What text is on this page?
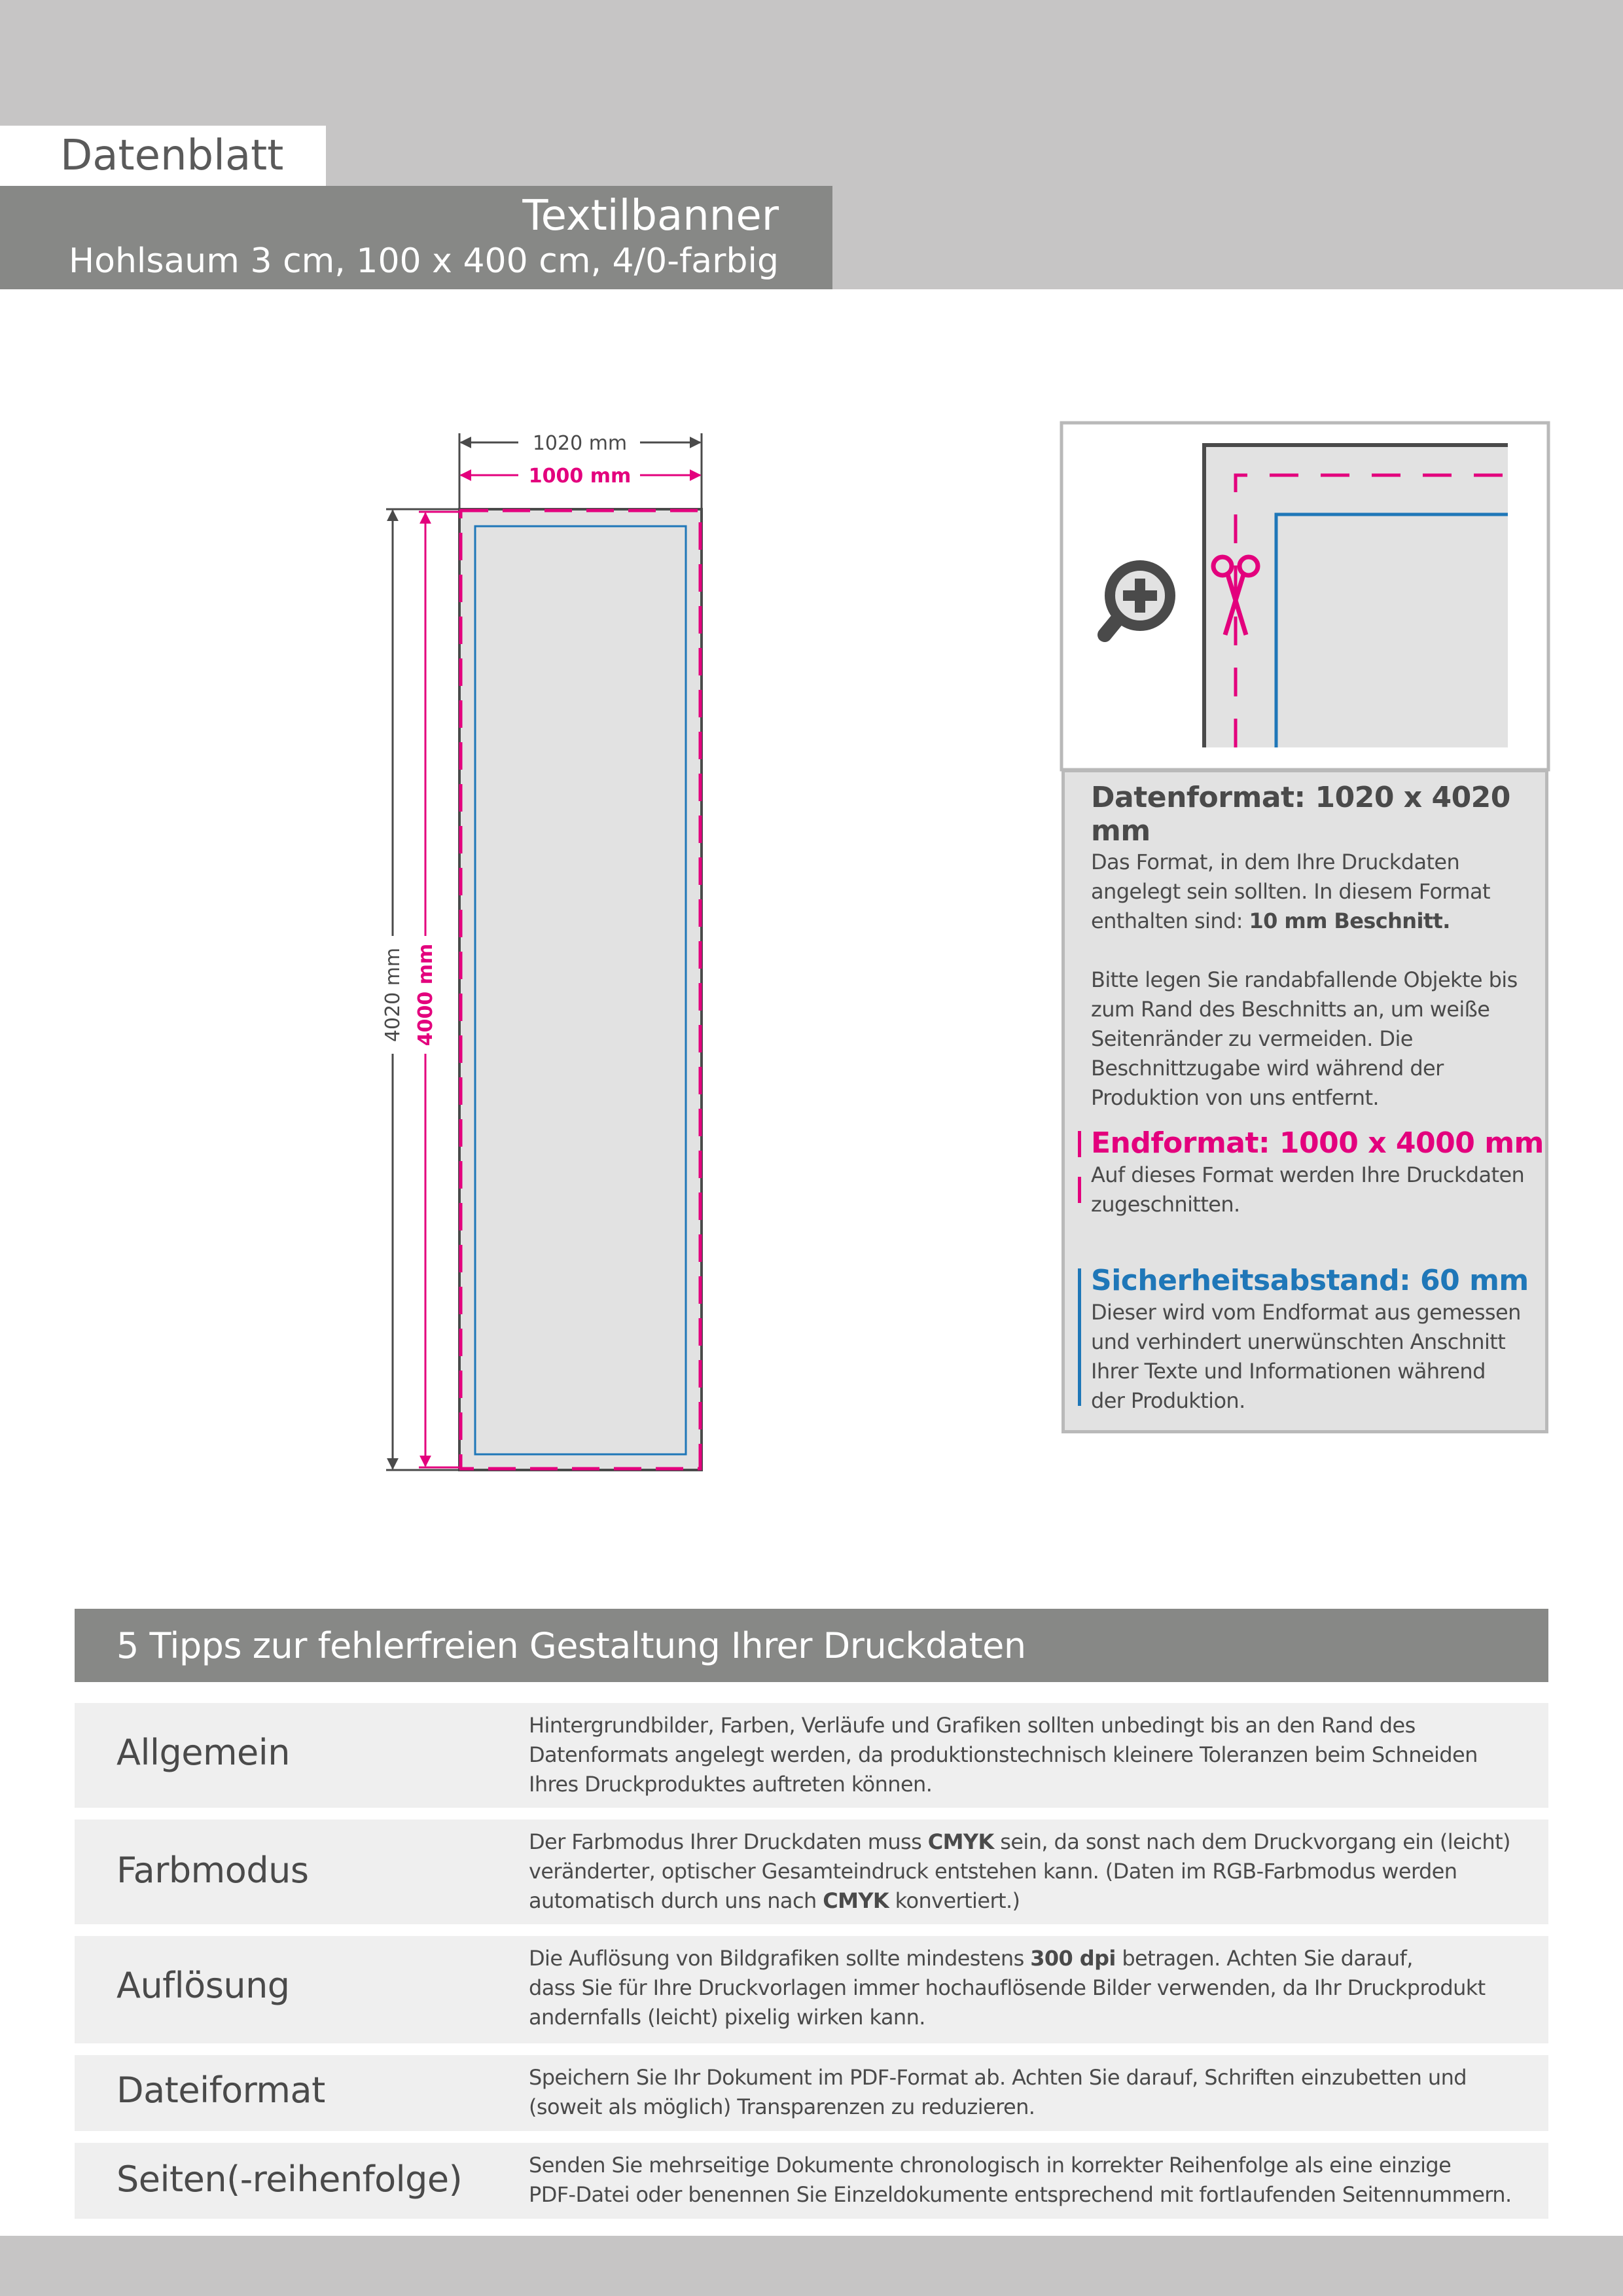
Datenblatt
Textilbanner
Hohlsaum 3 cm, 100 x 400 cm, 4/0-farbig
1020 mm
1000 mm
4020 mm 4000 mm
Datenformat: 1020 x 4020 mm
Das Format, in dem Ihre Druckdaten
angelegt sein sollten. In diesem Format
enthalten sind: 10 mm Beschnitt.
Bitte legen Sie randabfallende Objekte bis
zum Rand des Beschnitts an, um weiße
Seitenränder zu vermeiden. Die
Beschnittzugabe wird während der
Produktion von uns entfernt.
Endformat: 1000 x 4000 mm
Auf dieses Format werden Ihre Druckdaten
zugeschnitten.
Sicherheitsabstand: 60 mm
Dieser wird vom Endformat aus gemessen
und verhindert unerwünschten Anschnitt
Ihrer Texte und Informationen während
der Produktion.
5 Tipps zur fehlerfreien Gestaltung Ihrer Druckdaten
Allgemein
Hintergrundbilder, Farben, Verläufe und Grafiken sollten unbedingt bis an den Rand des
Datenformats angelegt werden, da produktionstechnisch kleinere Toleranzen beim Schneiden
Ihres Druckproduktes auftreten können.
Farbmodus
Der Farbmodus Ihrer Druckdaten muss CMYK sein, da sonst nach dem Druckvorgang ein (leicht)
veränderter, optischer Gesamteindruck entstehen kann. (Daten im RGB-Farbmodus werden
automatisch durch uns nach CMYK konvertiert.)
Auflösung
Die Auflösung von Bildgrafiken sollte mindestens 300 dpi betragen. Achten Sie darauf,
dass Sie für Ihre Druckvorlagen immer hochauflösende Bilder verwenden, da Ihr Druckprodukt
andernfalls (leicht) pixelig wirken kann.
Dateiformat	Speichern Sie Ihr Dokument im PDF-Format ab. Achten Sie darauf, Schriften einzubetten und
(soweit als möglich) Transparenzen zu reduzieren.
Seiten(-reihenfolge)	Senden Sie mehrseitige Dokumente chronologisch in korrekter Reihenfolge als eine einzige
PDF-Datei oder benennen Sie Einzeldokumente entsprechend mit fortlaufenden Seitennummern.
